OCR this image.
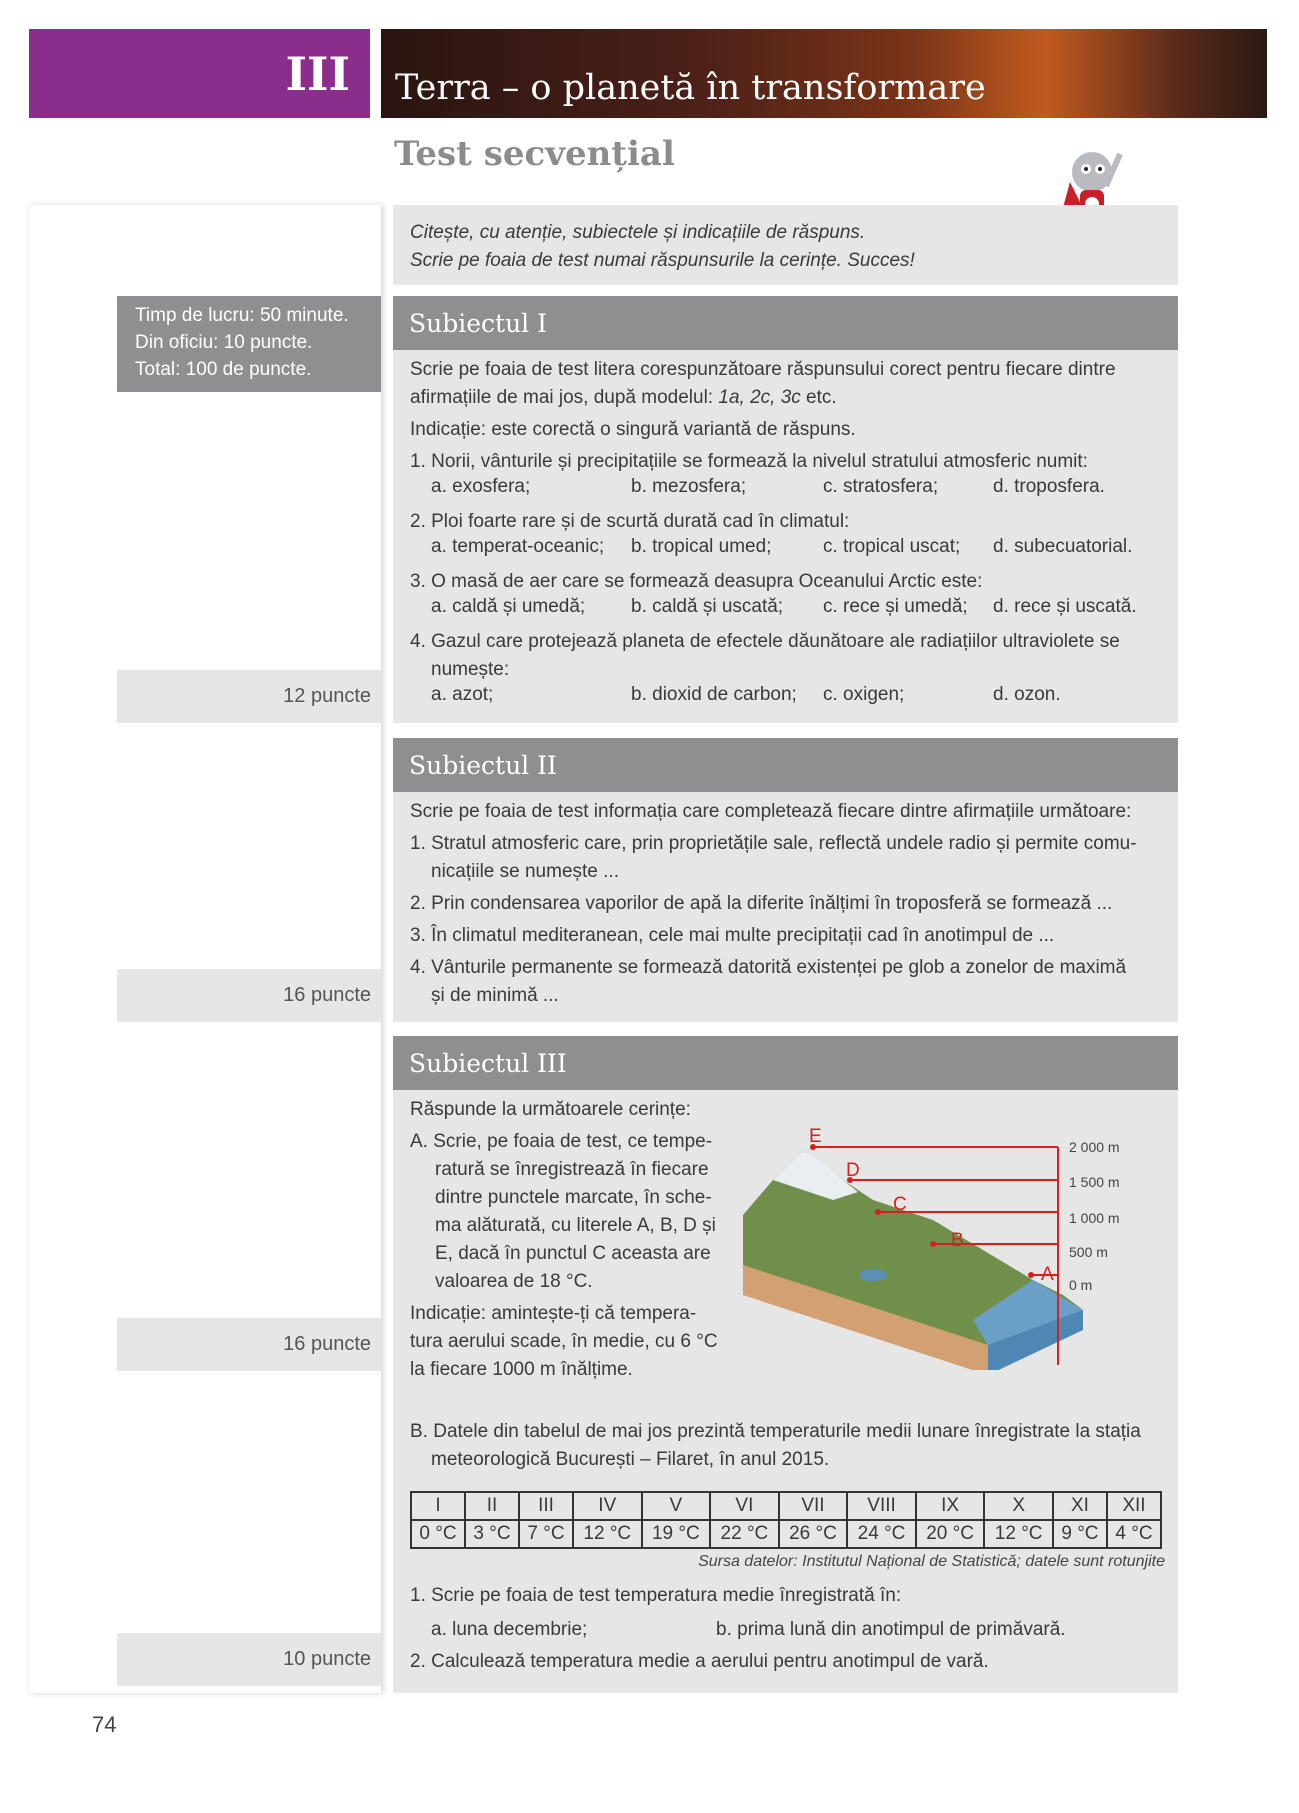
III	Terra – o planetă în transformare
Test secvențial
Timp de lucru: 50 minute.
Din oficiu: 10 puncte.
Total: 100 de puncte.
12 puncte
16 puncte
16 puncte
10 puncte
Citește, cu atenție, subiectele și indicațiile de răspuns.
Scrie pe foaia de test numai răspunsurile la cerințe. Succes!
Subiectul I
Scrie pe foaia de test litera corespunzătoare răspunsului corect pentru fiecare dintre
afirmațiile de mai jos, după modelul: 1a, 2c, 3c etc.
Indicație: este corectă o singură variantă de răspuns.
1. Norii, vânturile și precipitațiile se formează la nivelul stratului atmosferic numit:
a. exosfera;	b. mezosfera;	c. stratosfera;	d. troposfera.
2. Ploi foarte rare și de scurtă durată cad în climatul:
a. temperat-oceanic; b. tropical umed;	c. tropical uscat; d. subecuatorial.
3. O masă de aer care se formează deasupra Oceanului Arctic este:
a. caldă și umedă; b. caldă și uscată; c. rece și umedă; d. rece și uscată.
4. Gazul care protejează planeta de efectele dăunătoare ale radiațiilor ultraviolete se
numește:
a. azot;	b. dioxid de carbon; c. oxigen;	d. ozon.
Subiectul II
Scrie pe foaia de test informația care completează fiecare dintre afirmațiile următoare:
1. Stratul atmosferic care, prin proprietățile sale, reflectă undele radio și permite comu-
nicațiile se numește ...
2. Prin condensarea vaporilor de apă la diferite înălțimi în troposferă se formează ...
3. În climatul mediteranean, cele mai multe precipitații cad în anotimpul de ...
4. Vânturile permanente se formează datorită existenței pe glob a zonelor de maximă
și de minimă ...
Subiectul III
Răspunde la următoarele cerințe:
A. Scrie, pe foaia de test, ce tempe-
ratură se înregistrează în fiecare
dintre punctele marcate, în sche-
ma alăturată, cu literele A, B, D și
E, dacă în punctul C aceasta are
valoarea de 18 °C.
Indicație: amintește-ți că tempera-
tura aerului scade, în medie, cu 6 °C
la fiecare 1000 m înălțime.
E
D
C
B
A
2 000 m
1 500 m
1 000 m
500 m
0 m
B. Datele din tabelul de mai jos prezintă temperaturile medii lunare înregistrate la stația
meteorologică București – Filaret, în anul 2015.
I	II	III	IV	V	VI	VII	VIII	IX	X	XI	XII
0 °C	3 °C	7 °C	12 °C	19 °C	22 °C	26 °C	24 °C	20 °C	12 °C	9 °C	4 °C
Sursa datelor: Institutul Național de Statistică; datele sunt rotunjite
1. Scrie pe foaia de test temperatura medie înregistrată în:
a. luna decembrie;	b. prima lună din anotimpul de primăvară.
2. Calculează temperatura medie a aerului pentru anotimpul de vară.
74
